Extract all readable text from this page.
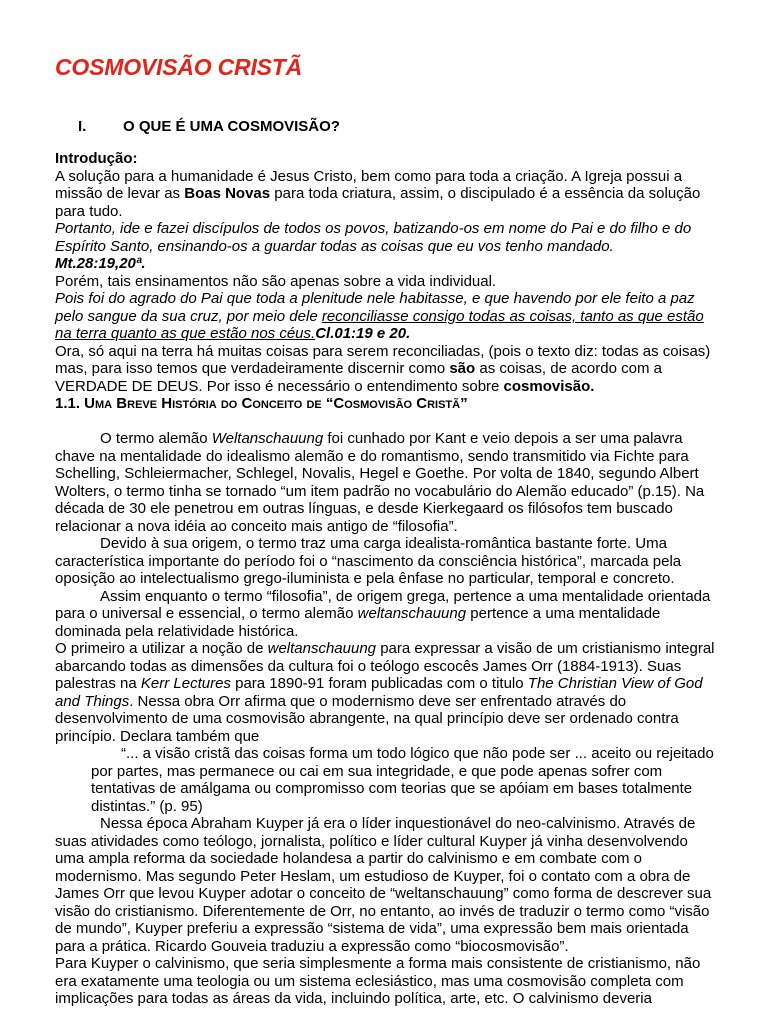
COSMOVISÃO CRISTÃ
I. O QUE É UMA COSMOVISÃO?

Introdução:

A solução para a humanidade é Jesus Cristo, bem como para toda a criação. A Igreja possui a missão de levar as Boas Novas para toda criatura, assim, o discipulado é a essência da solução para tudo.

Portanto, ide e fazei discípulos de todos os povos, batizando-os em nome do Pai e do filho e do Espírito Santo, ensinando-os a guardar todas as coisas que eu vos tenho mandado.

Mt.28:19,20ª.

Porém, tais ensinamentos não são apenas sobre a vida individual.

Pois foi do agrado do Pai que toda a plenitude nele habitasse, e que havendo por ele feito a paz pelo sangue da sua cruz, por meio dele reconciliasse consigo todas as coisas, tanto as que estão na terra quanto as que estão nos céus.Cl.01:19 e 20.

Ora, só aqui na terra há muitas coisas para serem reconciliadas, (pois o texto diz: todas as coisas) mas, para isso temos que verdadeiramente discernir como são as coisas, de acordo com a VERDADE DE DEUS. Por isso é necessário o entendimento sobre cosmovisão.

1.1. Uma Breve História do Conceito de “Cosmovisão Cristã”

O termo alemão Weltanschauung foi cunhado por Kant e veio depois a ser uma palavra chave na mentalidade do idealismo alemão e do romantismo, sendo transmitido via Fichte para Schelling, Schleiermacher, Schlegel, Novalis, Hegel e Goethe. Por volta de 1840, segundo Albert Wolters, o termo tinha se tornado “um item padrão no vocabulário do Alemão educado” (p.15). Na década de 30 ele penetrou em outras línguas, e desde Kierkegaard os filósofos tem buscado relacionar a nova idéia ao conceito mais antigo de “filosofia”.

Devido à sua origem, o termo traz uma carga idealista-romântica bastante forte. Uma característica importante do período foi o “nascimento da consciência histórica”, marcada pela oposição ao intelectualismo grego-iluminista e pela ênfase no particular, temporal e concreto.

Assim enquanto o termo “filosofia”, de origem grega, pertence a uma mentalidade orientada para o universal e essencial, o termo alemão weltanschauung pertence a uma mentalidade dominada pela relatividade histórica.

O primeiro a utilizar a noção de weltanschauung para expressar a visão de um cristianismo integral abarcando todas as dimensões da cultura foi o teólogo escocês James Orr (1884-1913). Suas palestras na Kerr Lectures para 1890-91 foram publicadas com o titulo The Christian View of God and Things. Nessa obra Orr afirma que o modernismo deve ser enfrentado através do desenvolvimento de uma cosmovisão abrangente, na qual princípio deve ser ordenado contra princípio. Declara também que

“... a visão cristã das coisas forma um todo lógico que não pode ser ... aceito ou rejeitado por partes, mas permanece ou cai em sua integridade, e que pode apenas sofrer com tentativas de amálgama ou compromisso com teorias que se apóiam em bases totalmente distintas.” (p. 95)

Nessa época Abraham Kuyper já era o líder inquestionável do neo-calvinismo. Através de suas atividades como teólogo, jornalista, político e líder cultural Kuyper já vinha desenvolvendo uma ampla reforma da sociedade holandesa a partir do calvinismo e em combate com o modernismo. Mas segundo Peter Heslam, um estudioso de Kuyper, foi o contato com a obra de James Orr que levou Kuyper adotar o conceito de “weltanschauung” como forma de descrever sua visão do cristianismo. Diferentemente de Orr, no entanto, ao invés de traduzir o termo como “visão de mundo”, Kuyper preferiu a expressão “sistema de vida”, uma expressão bem mais orientada para a prática. Ricardo Gouveia traduziu a expressão como “biocosmovisão”.

Para Kuyper o calvinismo, que seria simplesmente a forma mais consistente de cristianismo, não era exatamente uma teologia ou um sistema eclesiástico, mas uma cosmovisão completa com implicações para todas as áreas da vida, incluindo política, arte, etc. O calvinismo deveria
